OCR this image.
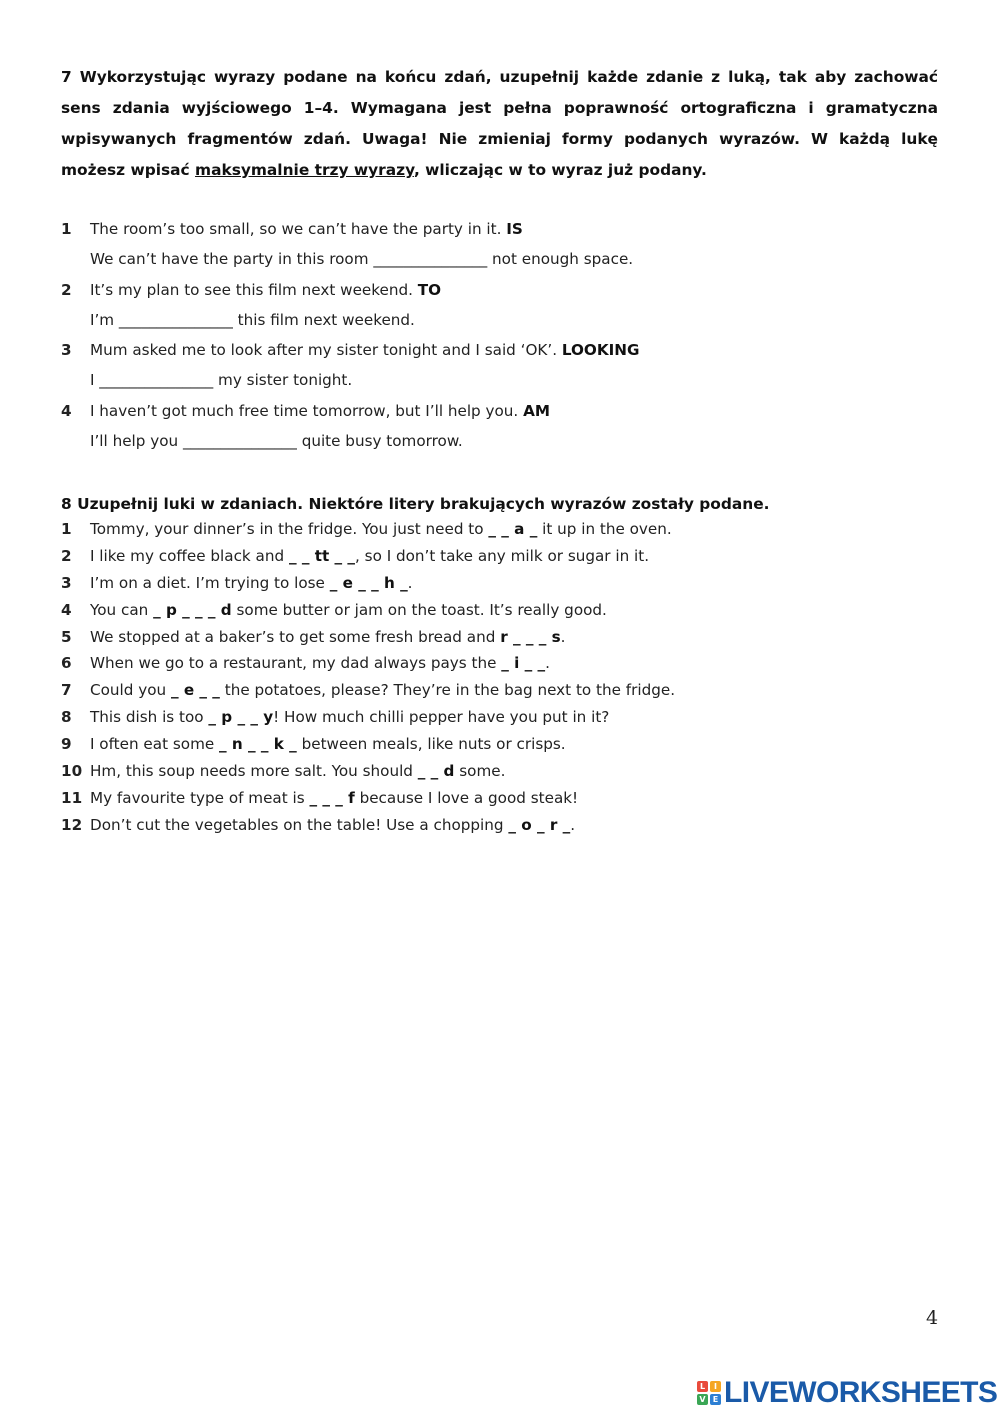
7 Wykorzystując wyrazy podane na końcu zdań, uzupełnij każde zdanie z luką, tak aby zachować sens zdania wyjściowego 1–4. Wymagana jest pełna poprawność ortograficzna i gramatyczna wpisywanych fragmentów zdań. Uwaga! Nie zmieniaj formy podanych wyrazów. W każdą lukę możesz wpisać maksymalnie trzy wyrazy, wliczając w to wyraz już podany.
1 The room’s too small, so we can’t have the party in it. IS
We can’t have the party in this room _______________ not enough space.
2 It’s my plan to see this film next weekend. TO
I’m _______________ this film next weekend.
3 Mum asked me to look after my sister tonight and I said ‘OK’. LOOKING
I _______________ my sister tonight.
4 I haven’t got much free time tomorrow, but I’ll help you. AM
I’ll help you _______________ quite busy tomorrow.
8 Uzupełnij luki w zdaniach. Niektóre litery brakujących wyrazów zostały podane.
1 Tommy, your dinner’s in the fridge. You just need to _ _ a _ it up in the oven.
2 I like my coffee black and _ _ tt _ _, so I don’t take any milk or sugar in it.
3 I’m on a diet. I’m trying to lose _ e _ _ h _.
4 You can _ p _ _ _ d some butter or jam on the toast. It’s really good.
5 We stopped at a baker’s to get some fresh bread and r _ _ _ s.
6 When we go to a restaurant, my dad always pays the _ i _ _.
7 Could you _ e _ _ the potatoes, please? They’re in the bag next to the fridge.
8 This dish is too _ p _ _ y! How much chilli pepper have you put in it?
9 I often eat some _ n _ _ k _ between meals, like nuts or crisps.
10 Hm, this soup needs more salt. You should _ _ d some.
11 My favourite type of meat is _ _ _ f because I love a good steak!
12 Don’t cut the vegetables on the table! Use a chopping _ o _ r _.
4
L	I
V E LIVEWORKSHEETS
